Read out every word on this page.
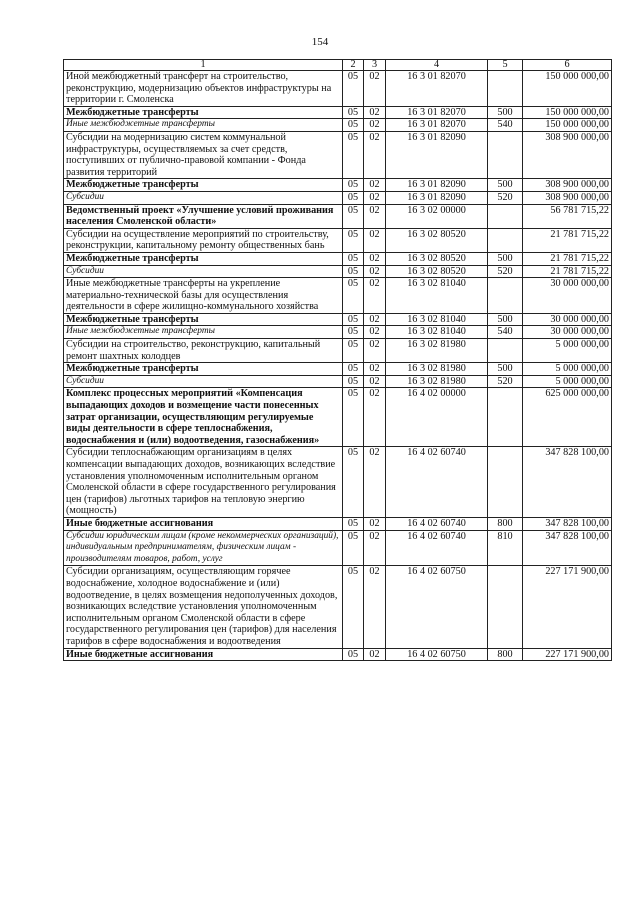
154
1	2	3	4	5	6
Иной межбюджетный трансферт на строительство, реконструкцию, модернизацию объектов инфраструктуры на территории г. Смоленска	05	02	16 3 01 82070		150 000 000,00
Межбюджетные трансферты	05	02	16 3 01 82070	500	150 000 000,00
Иные межбюджетные трансферты	05	02	16 3 01 82070	540	150 000 000,00
Субсидии на модернизацию систем коммунальной инфраструктуры, осуществляемых за счет средств, поступивших от публично-правовой компании - Фонда развития территорий	05	02	16 3 01 82090		308 900 000,00
Межбюджетные трансферты	05	02	16 3 01 82090	500	308 900 000,00
Субсидии	05	02	16 3 01 82090	520	308 900 000,00
Ведомственный проект «Улучшение условий проживания населения Смоленской области»	05	02	16 3 02 00000		56 781 715,22
Субсидии на осуществление мероприятий по строительству, реконструкции, капитальному ремонту общественных бань	05	02	16 3 02 80520		21 781 715,22
Межбюджетные трансферты	05	02	16 3 02 80520	500	21 781 715,22
Субсидии	05	02	16 3 02 80520	520	21 781 715,22
Иные межбюджетные трансферты на укрепление материально-технической базы для осуществления деятельности в сфере жилищно-коммунального хозяйства	05	02	16 3 02 81040		30 000 000,00
Межбюджетные трансферты	05	02	16 3 02 81040	500	30 000 000,00
Иные межбюджетные трансферты	05	02	16 3 02 81040	540	30 000 000,00
Субсидии на строительство, реконструкцию, капитальный ремонт шахтных колодцев	05	02	16 3 02 81980		5 000 000,00
Межбюджетные трансферты	05	02	16 3 02 81980	500	5 000 000,00
Субсидии	05	02	16 3 02 81980	520	5 000 000,00
Комплекс процессных мероприятий «Компенсация выпадающих доходов и возмещение части понесенных затрат организации, осуществляющим регулируемые виды деятельности в сфере теплоснабжения, водоснабжения и (или) водоотведения, газоснабжения»	05	02	16 4 02 00000		625 000 000,00
Субсидии теплоснабжающим организациям в целях компенсации выпадающих доходов, возникающих вследствие установления уполномоченным исполнительным органом Смоленской области в сфере государственного регулирования цен (тарифов) льготных тарифов на тепловую энергию (мощность)	05	02	16 4 02 60740		347 828 100,00
Иные бюджетные ассигнования	05	02	16 4 02 60740	800	347 828 100,00
Субсидии юридическим лицам (кроме некоммерческих организаций), индивидуальным предпринимателям, физическим лицам - производителям товаров, работ, услуг	05	02	16 4 02 60740	810	347 828 100,00
Субсидии организациям, осуществляющим горячее водоснабжение, холодное водоснабжение и (или) водоотведение, в целях возмещения недополученных доходов, возникающих вследствие установления уполномоченным исполнительным органом Смоленской области в сфере государственного регулирования цен (тарифов) для населения тарифов в сфере водоснабжения и водоотведения	05	02	16 4 02 60750		227 171 900,00
Иные бюджетные ассигнования	05	02	16 4 02 60750	800	227 171 900,00
